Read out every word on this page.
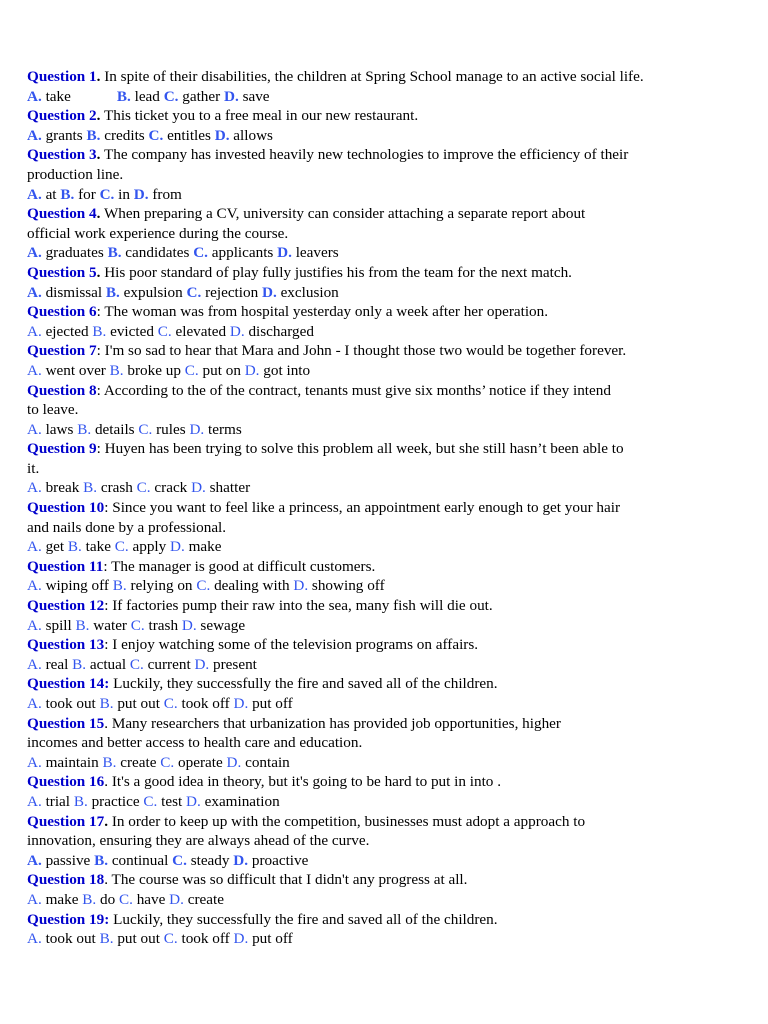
Question 1. In spite of their disabilities, the children at Spring School manage to an active social life.
A. take	B. lead C. gather D. save
Question 2. This ticket you to a free meal in our new restaurant.
A. grants B. credits C. entitles D. allows
Question 3. The company has invested heavily new technologies to improve the efficiency of their
production line.
A. at B. for C. in D. from
Question 4. When preparing a CV, university can consider attaching a separate report about
official work experience during the course.
A. graduates B. candidates C. applicants D. leavers
Question 5. His poor standard of play fully justifies his from the team for the next match.
A. dismissal B. expulsion C. rejection D. exclusion
Question 6: The woman was from hospital yesterday only a week after her operation.
A. ejected B. evicted C. elevated D. discharged
Question 7: I'm so sad to hear that Mara and John - I thought those two would be together forever.
A. went over B. broke up C. put on D. got into
Question 8: According to the of the contract, tenants must give six months’ notice if they intend
to leave.
A. laws B. details C. rules D. terms
Question 9: Huyen has been trying to solve this problem all week, but she still hasn’t been able to
it.
A. break B. crash C. crack D. shatter
Question 10: Since you want to feel like a princess, an appointment early enough to get your hair
and nails done by a professional.
A. get B. take C. apply D. make
Question 11: The manager is good at difficult customers.
A. wiping off B. relying on C. dealing with D. showing off
Question 12: If factories pump their raw into the sea, many fish will die out.
A. spill B. water C. trash D. sewage
Question 13: I enjoy watching some of the television programs on affairs.
A. real B. actual C. current D. present
Question 14: Luckily, they successfully the fire and saved all of the children.
A. took out B. put out C. took off D. put off
Question 15. Many researchers that urbanization has provided job opportunities, higher
incomes and better access to health care and education.
A. maintain B. create C. operate D. contain
Question 16. It's a good idea in theory, but it's going to be hard to put in into .
A. trial B. practice C. test D. examination
Question 17. In order to keep up with the competition, businesses must adopt a approach to
innovation, ensuring they are always ahead of the curve.
A. passive B. continual C. steady D. proactive
Question 18. The course was so difficult that I didn't any progress at all.
A. make B. do C. have D. create
Question 19: Luckily, they successfully the fire and saved all of the children.
A. took out B. put out C. took off D. put off
